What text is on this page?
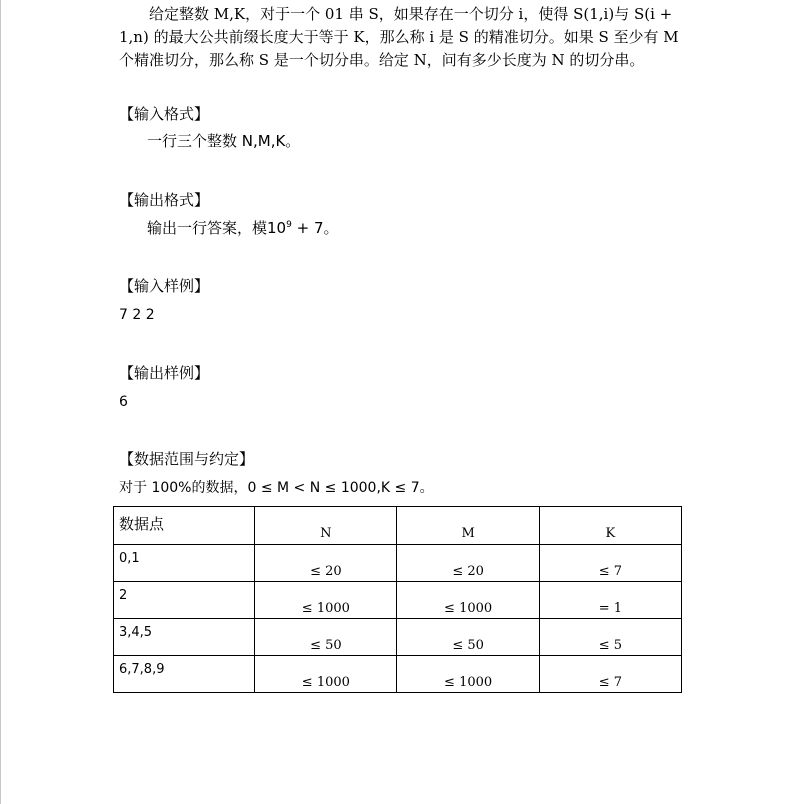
给定整数 M,K，对于一个 01 串 S，如果存在一个切分 i，使得 S(1,i)与 S(i + 1,n) 的最大公共前缀长度大于等于 K，那么称 i 是 S 的精准切分。如果 S 至少有 M 个精准切分，那么称 S 是一个切分串。给定 N，问有多少长度为 N 的切分串。

【输入格式】
一行三个整数 N,M,K。
【输出格式】
输出一行答案，模$10^9 + 7$。
【输入样例】
7 2 2
【输出样例】
6
【数据范围与约定】
对于 100%的数据，0 ≤ M < N ≤ 1000,K ≤ 7。
数据点	N	M	K

0,1	≤ 20	≤ 20	≤ 7

2	≤ 1000	≤ 1000	= 1

3,4,5	≤ 50	≤ 50	≤ 5

6,7,8,9	≤ 1000	≤ 1000	≤ 7
